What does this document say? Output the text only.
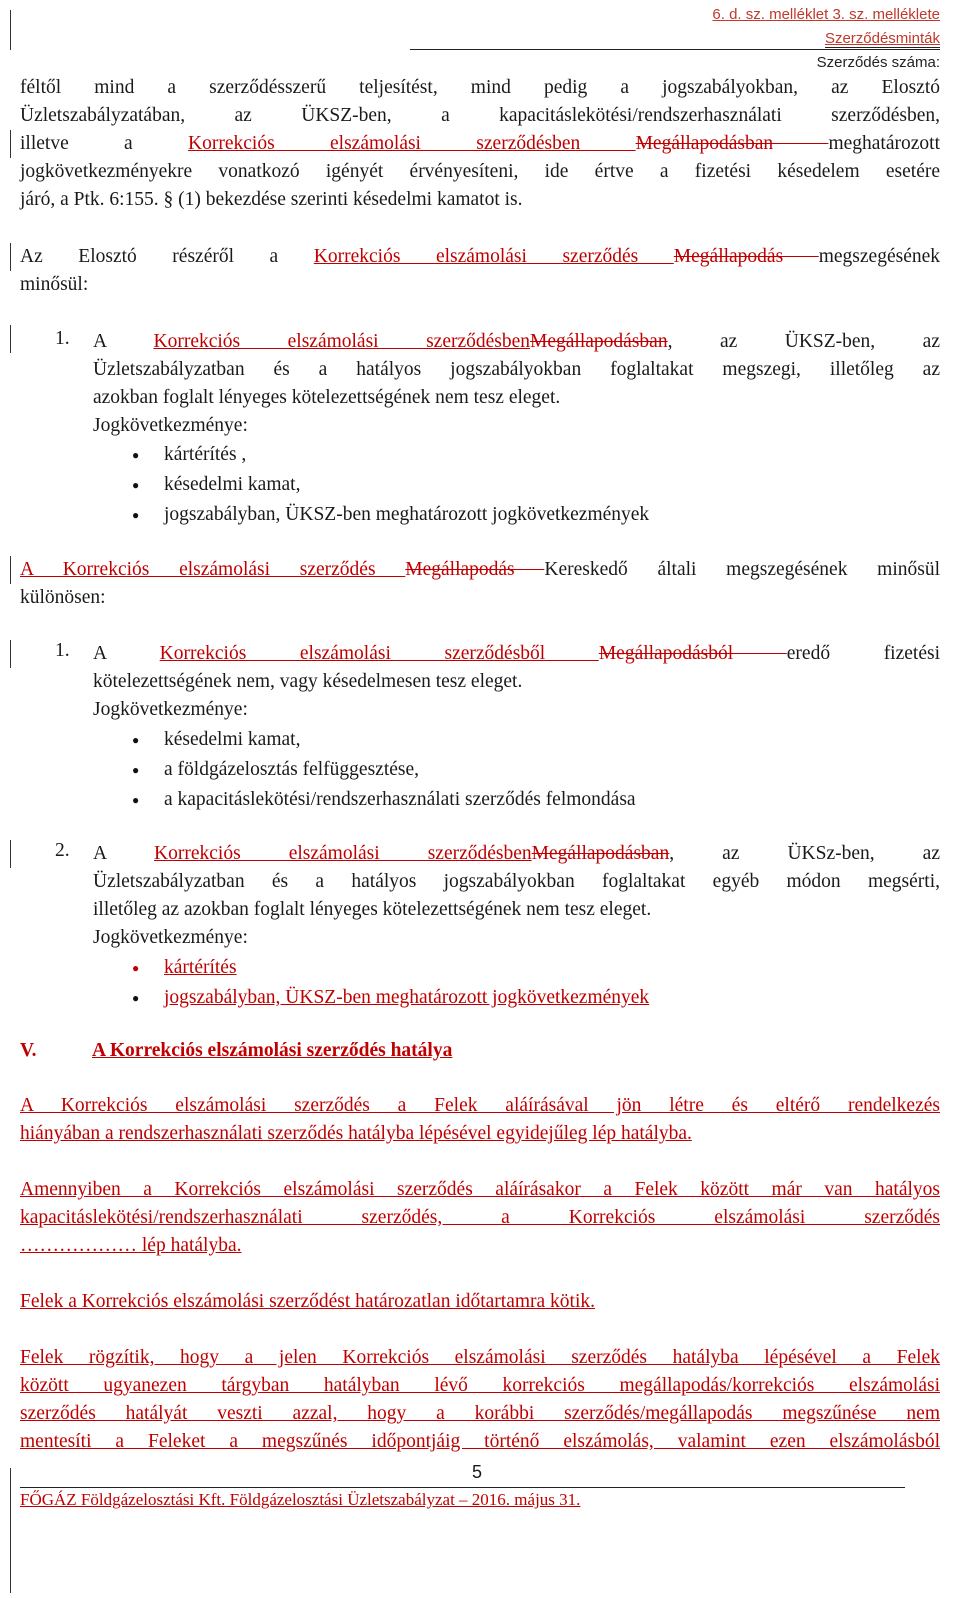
6. d. sz. melléklet 3. sz. melléklete
Szerződésminták
Szerződés száma:
féltől mind a szerződésszerű teljesítést, mind pedig a jogszabályokban, az Elosztó
Üzletszabályzatában, az ÜKSZ-ben, a kapacitáslekötési/rendszerhasználati szerződésben,
illetve a Korrekciós elszámolási szerződésben Megállapodásban meghatározott
jogkövetkezményekre vonatkozó igényét érvényesíteni, ide értve a fizetési késedelem esetére
járó, a Ptk. 6:155. § (1) bekezdése szerinti késedelmi kamatot is.
Az Elosztó részéről a Korrekciós elszámolási szerződés Megállapodás megszegésének
minősül:
1. A Korrekciós elszámolási szerződésbenMegállapodásban, az ÜKSZ-ben, az
Üzletszabályzatban és a hatályos jogszabályokban foglaltakat megszegi, illetőleg az
azokban foglalt lényeges kötelezettségének nem tesz eleget.
Jogkövetkezménye:
● kártérítés ,
● késedelmi kamat,
● jogszabályban, ÜKSZ-ben meghatározott jogkövetkezmények
A Korrekciós elszámolási szerződés Megállapodás Kereskedő általi megszegésének minősül
különösen:
1. A Korrekciós elszámolási szerződésből Megállapodásból eredő fizetési
kötelezettségének nem, vagy késedelmesen tesz eleget.
Jogkövetkezménye:
● késedelmi kamat,
● a földgázelosztás felfüggesztése,
● a kapacitáslekötési/rendszerhasználati szerződés felmondása
2. A Korrekciós elszámolási szerződésbenMegállapodásban, az ÜKSz-ben, az
Üzletszabályzatban és a hatályos jogszabályokban foglaltakat egyéb módon megsérti,
illetőleg az azokban foglalt lényeges kötelezettségének nem tesz eleget.
Jogkövetkezménye:
● kártérítés
● jogszabályban, ÜKSZ-ben meghatározott jogkövetkezmények
V.	A Korrekciós elszámolási szerződés hatálya
A Korrekciós elszámolási szerződés a Felek aláírásával jön létre és eltérő rendelkezés
hiányában a rendszerhasználati szerződés hatályba lépésével egyidejűleg lép hatályba.
Amennyiben a Korrekciós elszámolási szerződés aláírásakor a Felek között már van hatályos
kapacitáslekötési/rendszerhasználati szerződés, a Korrekciós elszámolási szerződés
……………… lép hatályba.
Felek a Korrekciós elszámolási szerződést határozatlan időtartamra kötik.
Felek rögzítik, hogy a jelen Korrekciós elszámolási szerződés hatályba lépésével a Felek
között ugyanezen tárgyban hatályban lévő korrekciós megállapodás/korrekciós elszámolási
szerződés hatályát veszti azzal, hogy a korábbi szerződés/megállapodás megszűnése nem
mentesíti a Feleket a megszűnés időpontjáig történő elszámolás, valamint ezen elszámolásból
5
FŐGÁZ Földgázelosztási Kft. Földgázelosztási Üzletszabályzat – 2016. május 31.
